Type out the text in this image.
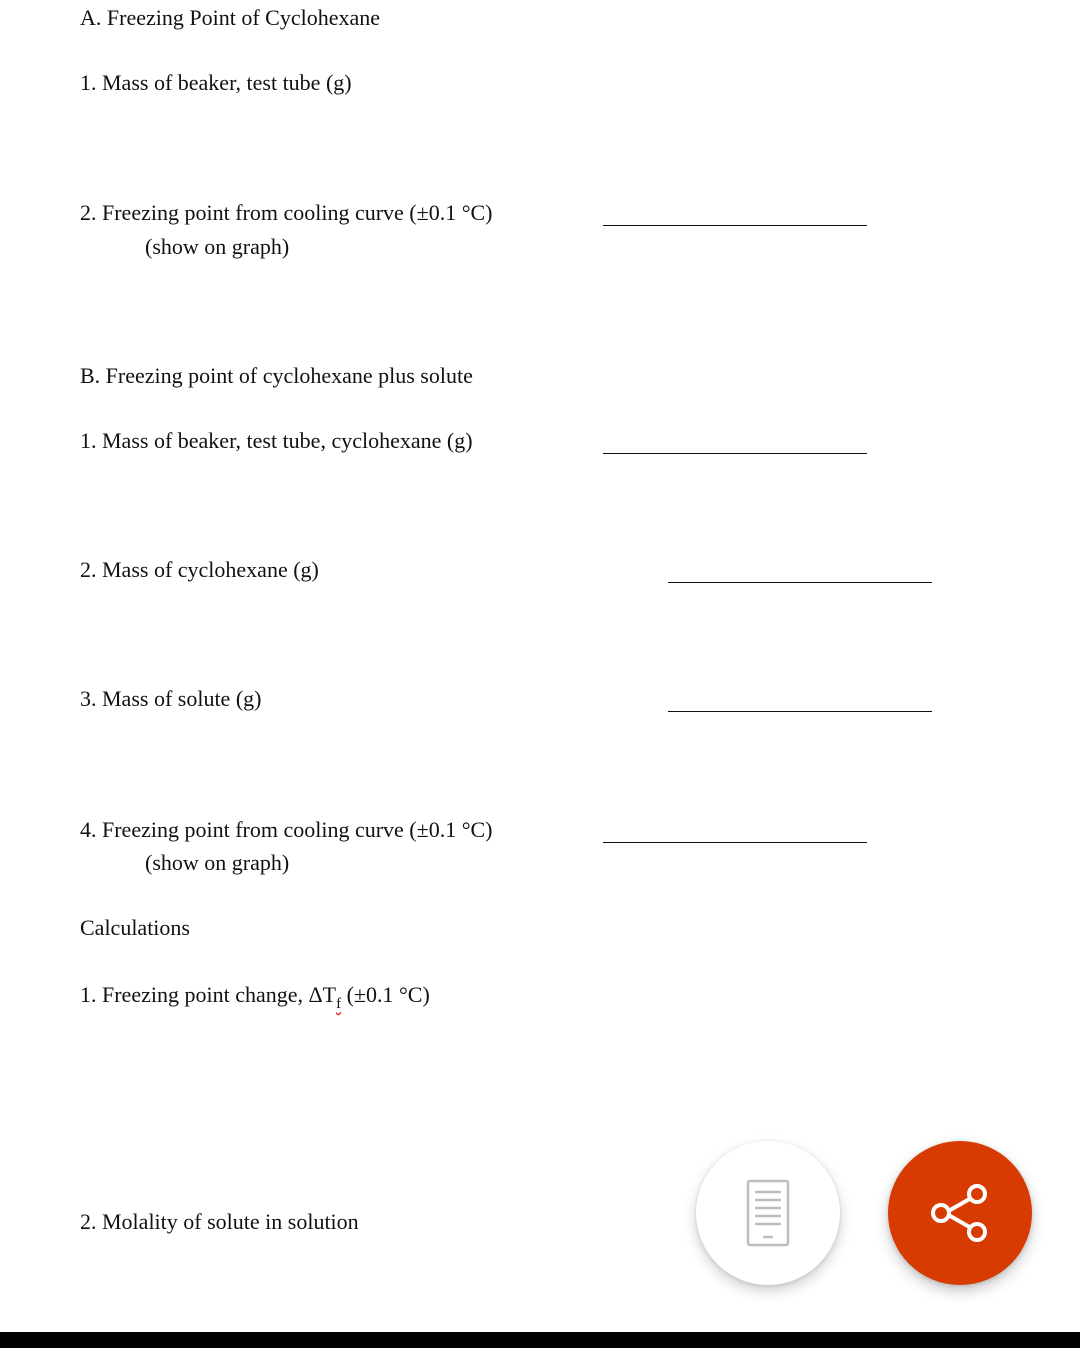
A. Freezing Point of Cyclohexane
1. Mass of beaker, test tube (g)
2. Freezing point from cooling curve (±0.1 °C)
(show on graph)
B. Freezing point of cyclohexane plus solute
1. Mass of beaker, test tube, cyclohexane (g)
2. Mass of cyclohexane (g)
3. Mass of solute (g)
4. Freezing point from cooling curve (±0.1 °C)
(show on graph)
Calculations
1. Freezing point change, $\Delta T_f$ (±0.1 °C)
2. Molality of solute in solution
